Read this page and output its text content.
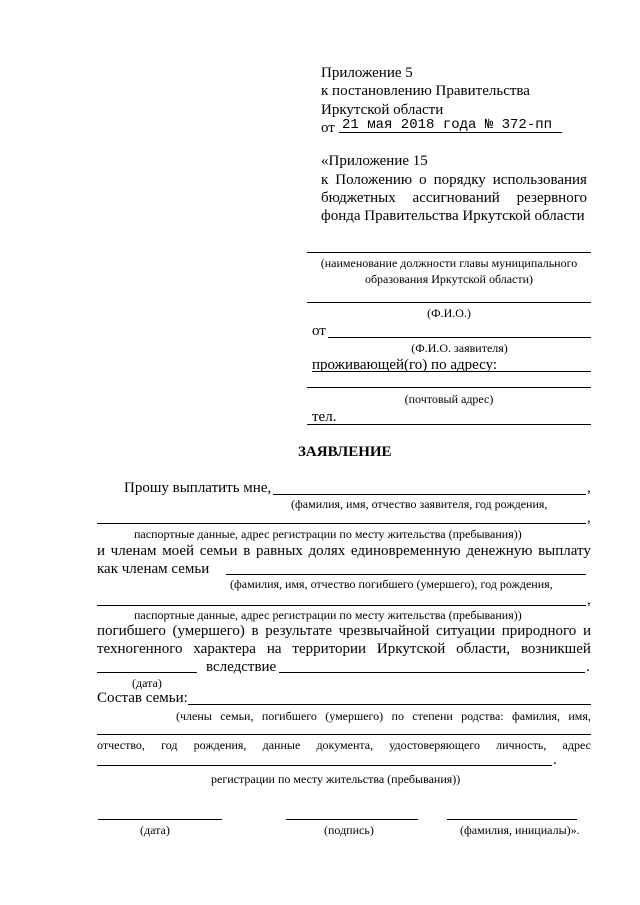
Приложение 5
к постановлению Правительства
Иркутской области
от 21 мая 2018 года № 372-пп
«Приложение 15
к Положению о порядку использования
бюджетных ассигнований резервного
фонда Правительства Иркутской области
(наименование должности главы муниципального
образования Иркутской области)
(Ф.И.О.)
от
(Ф.И.О. заявителя)
проживающей(го) по адресу:
(почтовый адрес)
тел.
ЗАЯВЛЕНИЕ
Прошу выплатить мне,	,
(фамилия, имя, отчество заявителя, год рождения,
,
паспортные данные, адрес регистрации по месту жительства (пребывания))
и членам моей семьи в равных долях единовременную денежную выплату
как членам семьи
(фамилия, имя, отчество погибшего (умершего), год рождения,
,
паспортные данные, адрес регистрации по месту жительства (пребывания))
погибшего (умершего) в результате чрезвычайной ситуации природного и
техногенного характера на территории Иркутской области, возникшей
вследствие	.
(дата)
Состав семьи:
(члены семьи, погибшего (умершего) по степени родства: фамилия, имя,
отчество, год рождения, данные документа, удостоверяющего личность, адрес
.
регистрации по месту жительства (пребывания))
(дата)	(подпись)	(фамилия, инициалы)».
